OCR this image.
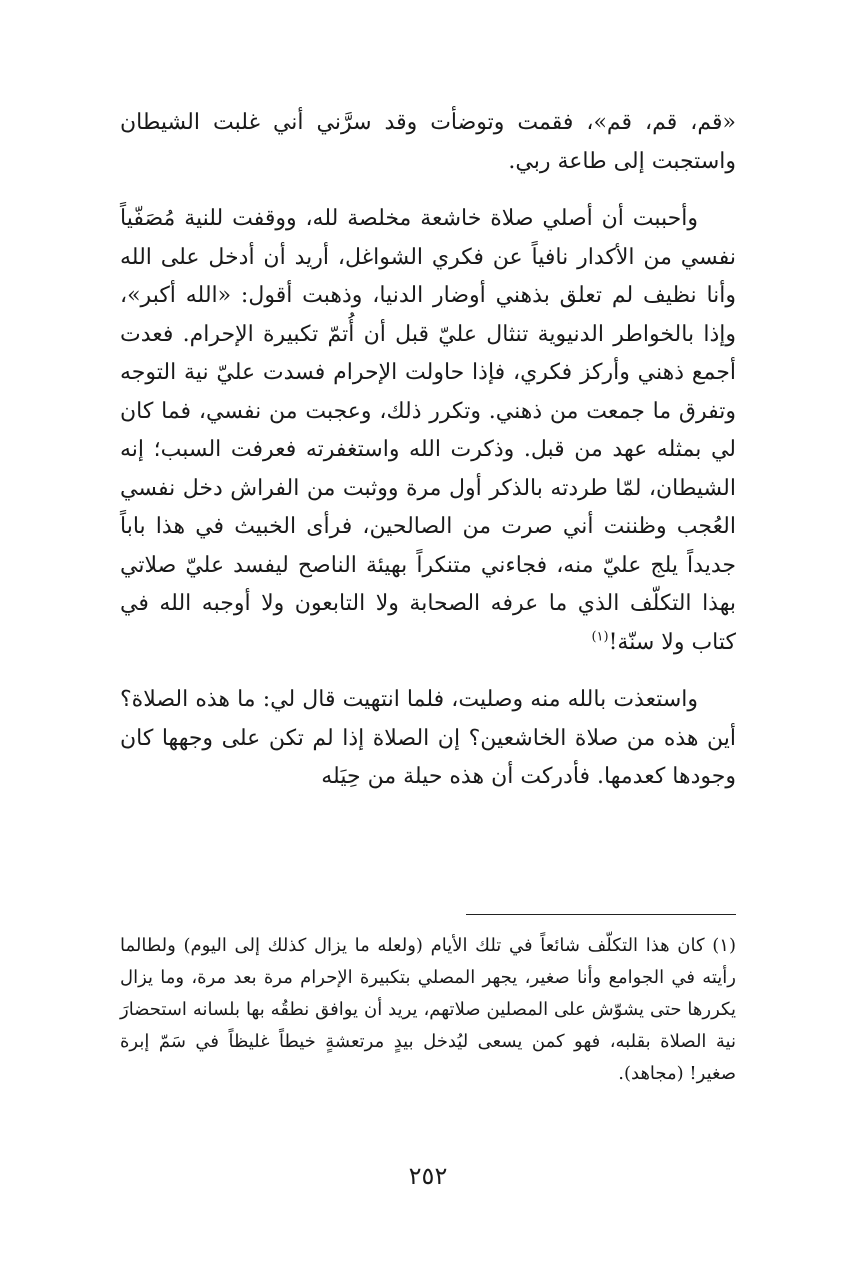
«قم، قم، قم»، فقمت وتوضأت وقد سرَّني أني غلبت الشيطان واستجبت إلى طاعة ربي.

وأحببت أن أصلي صلاة خاشعة مخلصة لله، ووقفت للنية مُصَفّياً نفسي من الأكدار نافياً عن فكري الشواغل، أريد أن أدخل على الله وأنا نظيف لم تعلق بذهني أوضار الدنيا، وذهبت أقول: «الله أكبر»، وإذا بالخواطر الدنيوية تنثال عليّ قبل أن أُتمّ تكبيرة الإحرام. فعدت أجمع ذهني وأركز فكري، فإذا حاولت الإحرام فسدت عليّ نية التوجه وتفرق ما جمعت من ذهني. وتكرر ذلك، وعجبت من نفسي، فما كان لي بمثله عهد من قبل. وذكرت الله واستغفرته فعرفت السبب؛ إنه الشيطان، لمّا طردته بالذكر أول مرة ووثبت من الفراش دخل نفسي العُجب وظننت أني صرت من الصالحين، فرأى الخبيث في هذا باباً جديداً يلج عليّ منه، فجاءني متنكراً بهيئة الناصح ليفسد عليّ صلاتي بهذا التكلّف الذي ما عرفه الصحابة ولا التابعون ولا أوجبه الله في كتاب ولا سنّة!$^{(١)}$

واستعذت بالله منه وصليت، فلما انتهيت قال لي: ما هذه الصلاة؟ أين هذه من صلاة الخاشعين؟ إن الصلاة إذا لم تكن على وجهها كان وجودها كعدمها. فأدركت أن هذه حيلة من حِيَله

(١) كان هذا التكلّف شائعاً في تلك الأيام (ولعله ما يزال كذلك إلى اليوم) ولطالما رأيته في الجوامع وأنا صغير، يجهر المصلي بتكبيرة الإحرام مرة بعد مرة، وما يزال يكررها حتى يشوّش على المصلين صلاتهم، يريد أن يوافق نطقُه بها بلسانه استحضارَ نية الصلاة بقلبه، فهو كمن يسعى ليُدخل بيدٍ مرتعشةٍ خيطاً غليظاً في سَمّ إبرة صغير! (مجاهد).

٢٥٢
